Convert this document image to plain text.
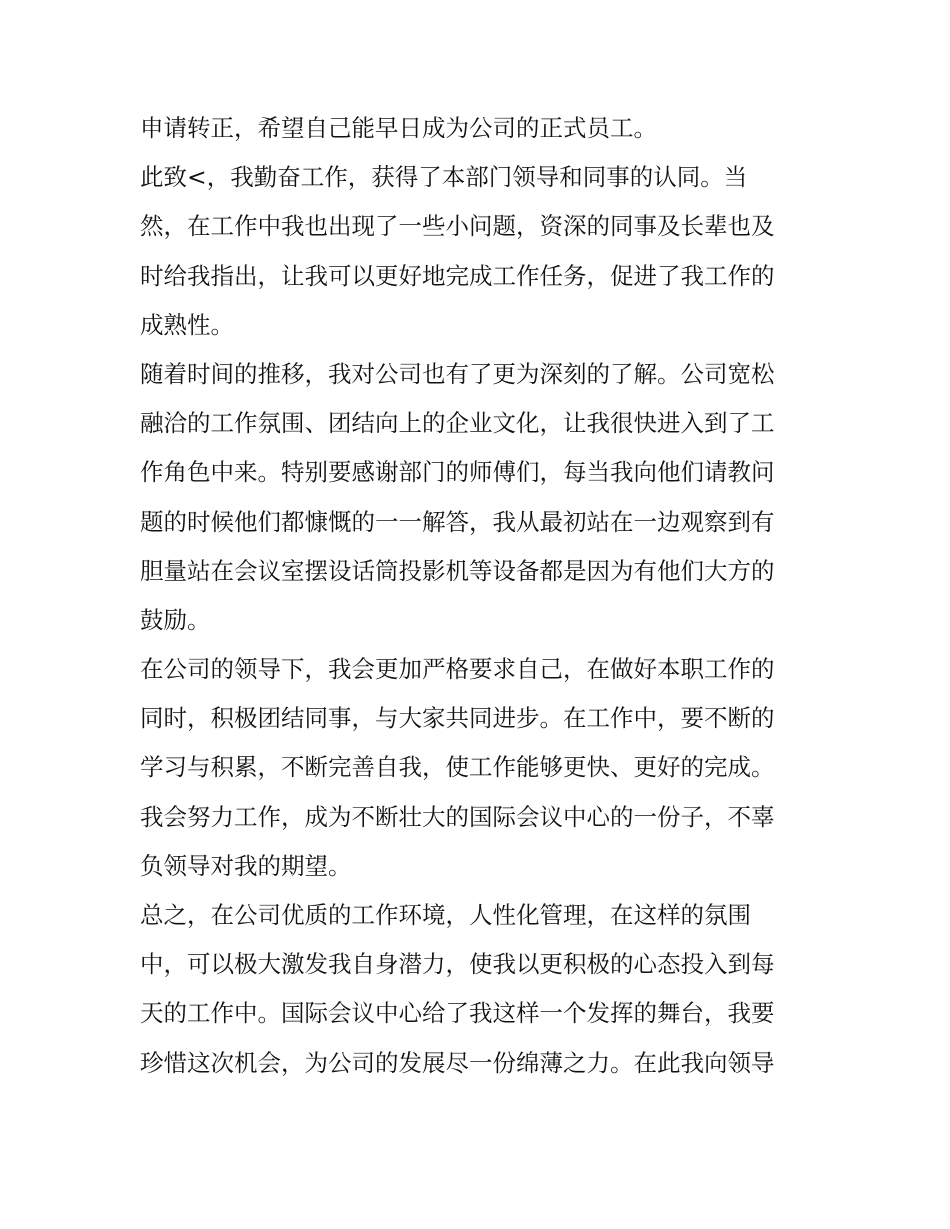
申请转正，希望自己能早日成为公司的正式员工。
此致<，我勤奋工作，获得了本部门领导和同事的认同。当
然，在工作中我也出现了一些小问题，资深的同事及长辈也及
时给我指出，让我可以更好地完成工作任务，促进了我工作的
成熟性。
随着时间的推移，我对公司也有了更为深刻的了解。公司宽松
融洽的工作氛围、团结向上的企业文化，让我很快进入到了工
作角色中来。特别要感谢部门的师傅们，每当我向他们请教问
题的时候他们都慷慨的一一解答，我从最初站在一边观察到有
胆量站在会议室摆设话筒投影机等设备都是因为有他们大方的
鼓励。
在公司的领导下，我会更加严格要求自己，在做好本职工作的
同时，积极团结同事，与大家共同进步。在工作中，要不断的
学习与积累，不断完善自我，使工作能够更快、更好的完成。
我会努力工作，成为不断壮大的国际会议中心的一份子，不辜
负领导对我的期望。
总之，在公司优质的工作环境，人性化管理，在这样的氛围
中，可以极大激发我自身潜力，使我以更积极的心态投入到每
天的工作中。国际会议中心给了我这样一个发挥的舞台，我要
珍惜这次机会，为公司的发展尽一份绵薄之力。在此我向领导
